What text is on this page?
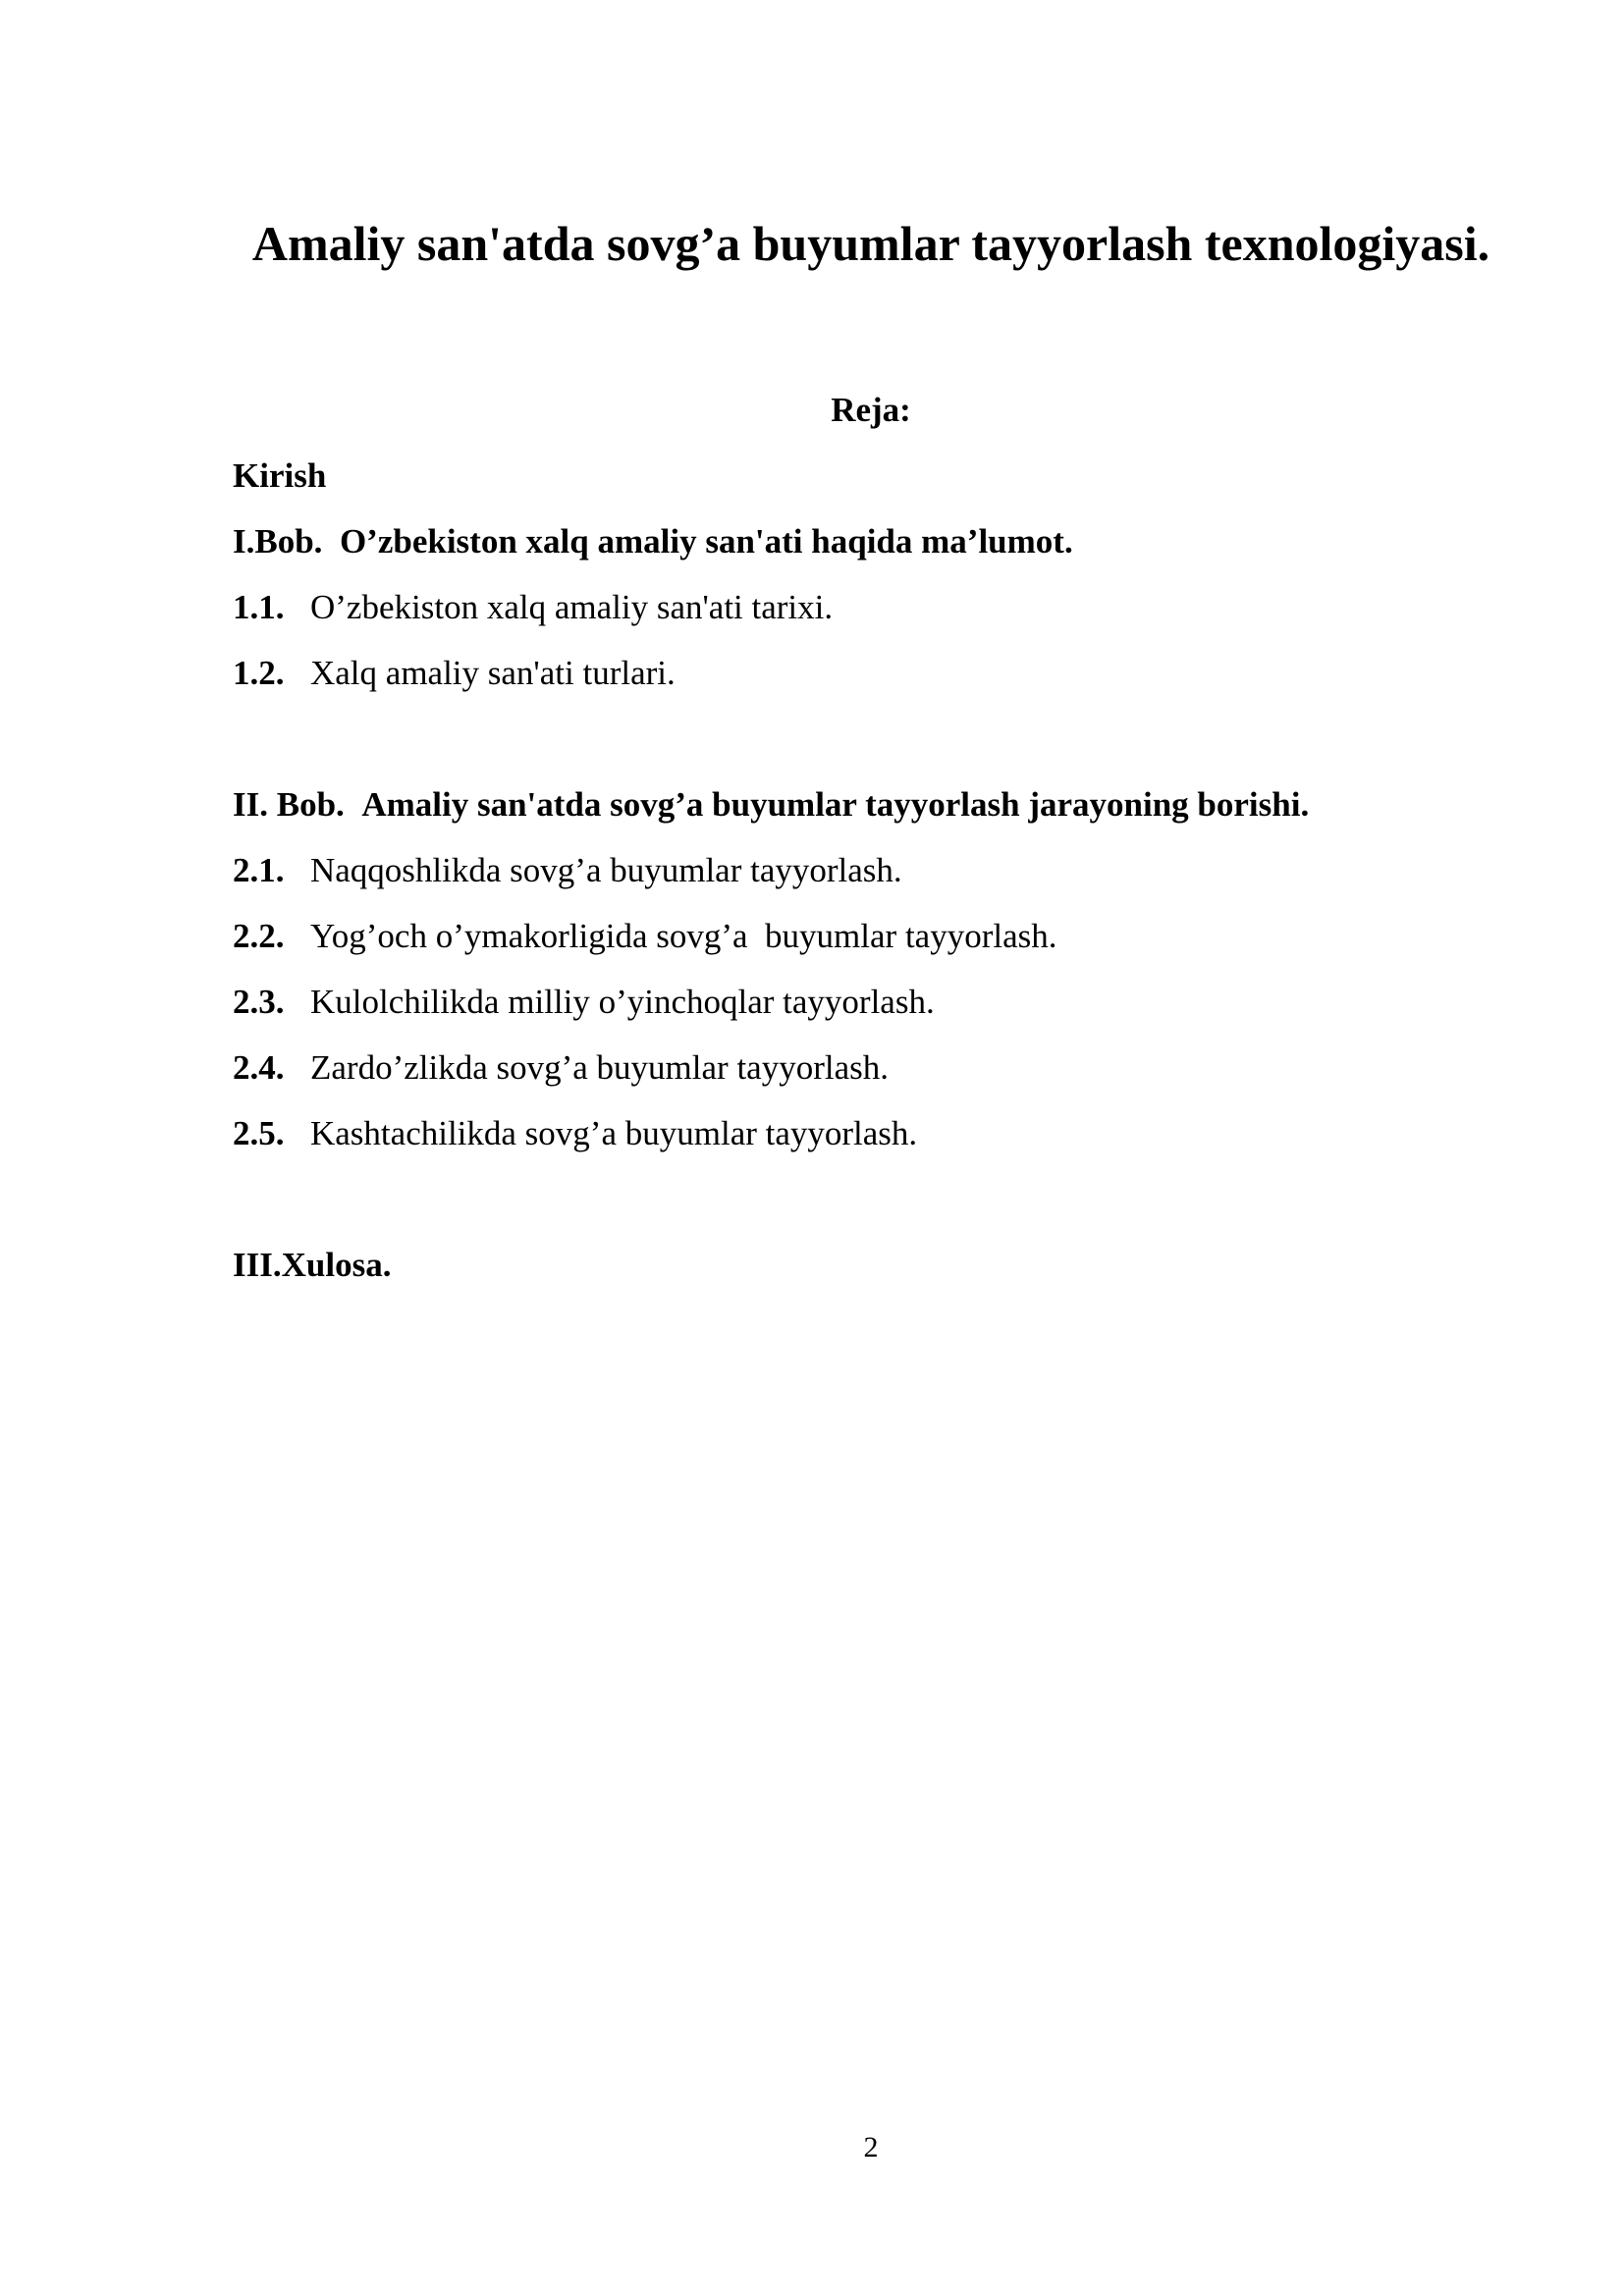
Amaliy san'atda sovg’a buyumlar tayyorlash texnologiyasi.
Reja:
Kirish
I.Bob. O’zbekiston xalq amaliy san'ati haqida ma’lumot.
1.1. O’zbekiston xalq amaliy san'ati tarixi.
1.2. Xalq amaliy san'ati turlari.
II. Bob. Amaliy san'atda sovg’a buyumlar tayyorlash jarayoning borishi.
2.1. Naqqoshlikda sovg’a buyumlar tayyorlash.
2.2. Yog’och o’ymakorligida sovg’a  buyumlar tayyorlash.
2.3. Kulolchilikda milliy o’yinchoqlar tayyorlash.
2.4. Zardo’zlikda sovg’a buyumlar tayyorlash.
2.5. Kashtachilikda sovg’a buyumlar tayyorlash.
III.Xulosa.
2
